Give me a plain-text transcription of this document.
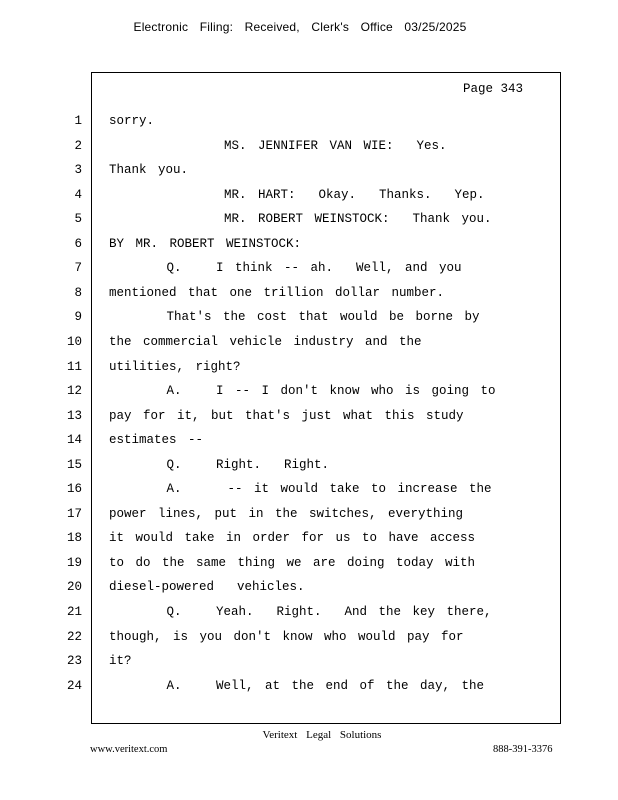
Electronic Filing: Received, Clerk's Office 03/25/2025
Page 343
1 sorry.
2 MS. JENNIFER VAN WIE:  Yes.
3 Thank you.
4 MR. HART:  Okay.  Thanks.  Yep.
5 MR. ROBERT WEINSTOCK:  Thank you.
6 BY MR. ROBERT WEINSTOCK:
7 Q.   I think -- ah.  Well, and you
8 mentioned that one trillion dollar number.
9 That's the cost that would be borne by
10 the commercial vehicle industry and the
11 utilities, right?
12 A.   I -- I don't know who is going to
13 pay for it, but that's just what this study
14 estimates --
15 Q.   Right.  Right.
16 A.    -- it would take to increase the
17 power lines, put in the switches, everything
18 it would take in order for us to have access
19 to do the same thing we are doing today with
20 diesel-powered  vehicles.
21 Q.   Yeah.  Right.  And the key there,
22 though, is you don't know who would pay for
23 it?
24 A.   Well, at the end of the day, the
Veritext Legal Solutions
www.veritext.com	888-391-3376
